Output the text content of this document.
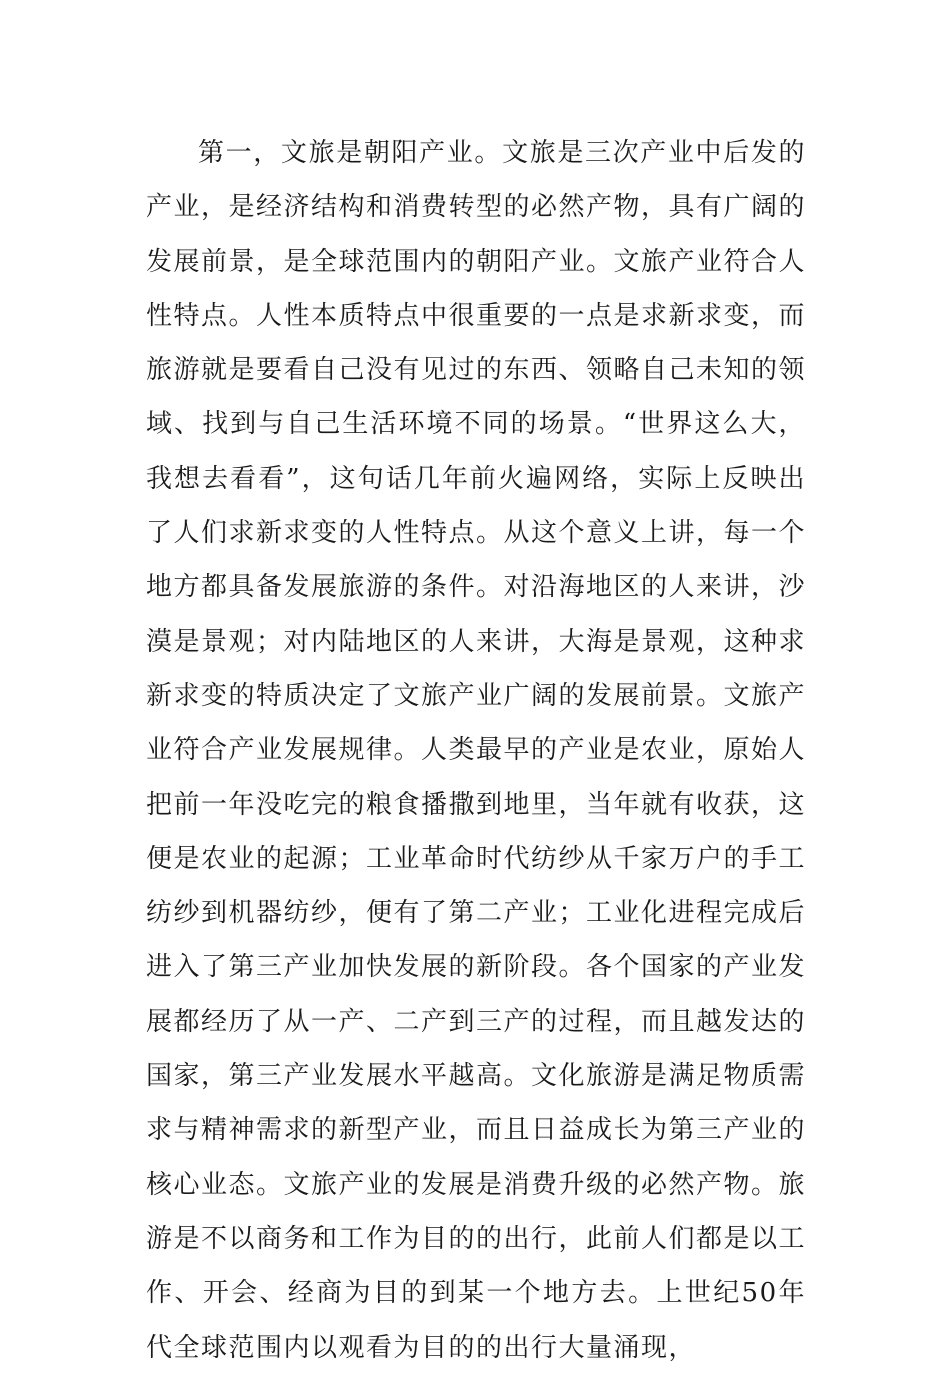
第一，文旅是朝阳产业。文旅是三次产业中后发的产业，是经济结构和消费转型的必然产物，具有广阔的发展前景，是全球范围内的朝阳产业。文旅产业符合人性特点。人性本质特点中很重要的一点是求新求变，而旅游就是要看自己没有见过的东西、领略自己未知的领域、找到与自己生活环境不同的场景。“世界这么大，我想去看看”，这句话几年前火遍网络，实际上反映出了人们求新求变的人性特点。从这个意义上讲，每一个地方都具备发展旅游的条件。对沿海地区的人来讲，沙漠是景观；对内陆地区的人来讲，大海是景观，这种求新求变的特质决定了文旅产业广阔的发展前景。文旅产业符合产业发展规律。人类最早的产业是农业，原始人把前一年没吃完的粮食播撒到地里，当年就有收获，这便是农业的起源；工业革命时代纺纱从千家万户的手工纺纱到机器纺纱，便有了第二产业；工业化进程完成后进入了第三产业加快发展的新阶段。各个国家的产业发展都经历了从一产、二产到三产的过程，而且越发达的国家，第三产业发展水平越高。文化旅游是满足物质需求与精神需求的新型产业，而且日益成长为第三产业的核心业态。文旅产业的发展是消费升级的必然产物。旅游是不以商务和工作为目的的出行，此前人们都是以工作、开会、经商为目的到某一个地方去。上世纪50年代全球范围内以观看为目的的出行大量涌现，
